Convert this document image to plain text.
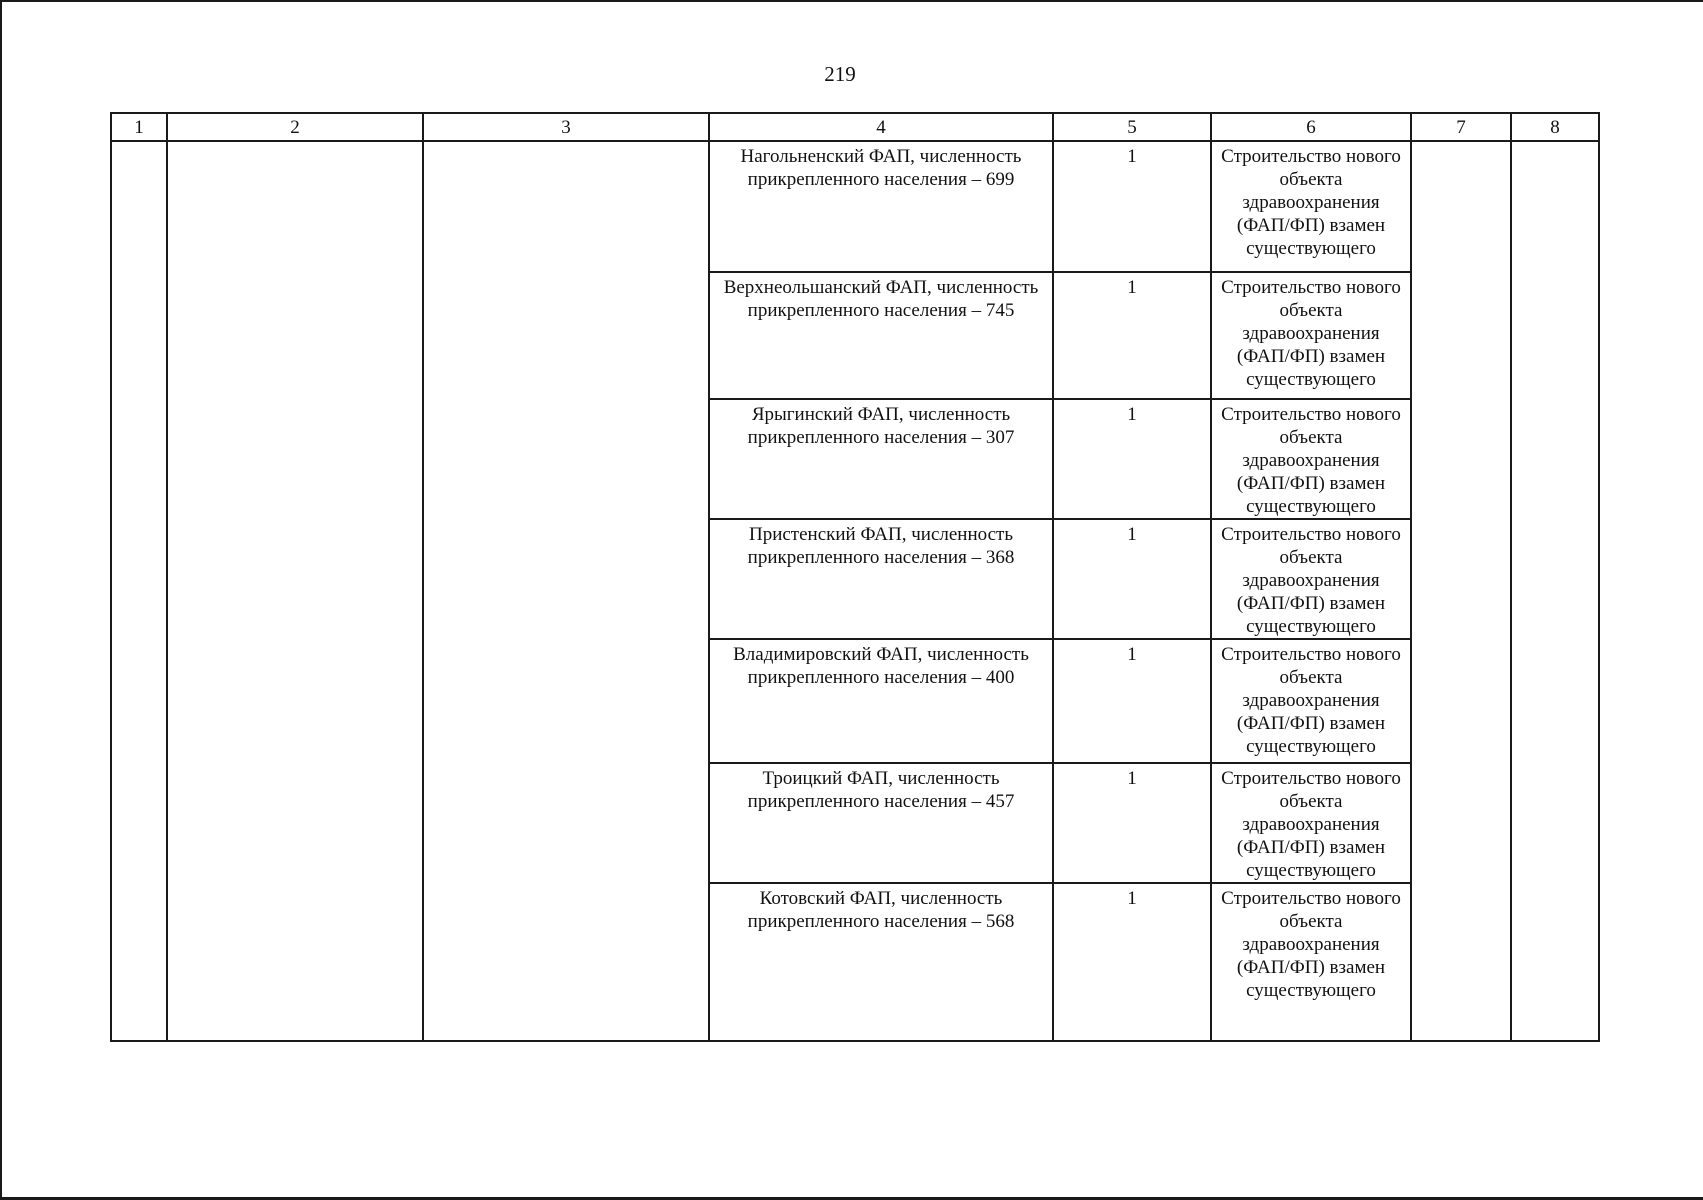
219
1	2	3	4	5	6	7	8
			Нагольненский ФАП, численность прикрепленного населения – 699	1	Строительство нового объекта здравоохранения (ФАП/ФП) взамен существующего		
			Верхнеольшанский ФАП, численность прикрепленного населения – 745	1	Строительство нового объекта здравоохранения (ФАП/ФП) взамен существующего		
			Ярыгинский ФАП, численность прикрепленного населения – 307	1	Строительство нового объекта здравоохранения (ФАП/ФП) взамен существующего		
			Пристенский ФАП, численность прикрепленного населения – 368	1	Строительство нового объекта здравоохранения (ФАП/ФП) взамен существующего		
			Владимировский ФАП, численность прикрепленного населения – 400	1	Строительство нового объекта здравоохранения (ФАП/ФП) взамен существующего		
			Троицкий ФАП, численность прикрепленного населения – 457	1	Строительство нового объекта здравоохранения (ФАП/ФП) взамен существующего		
			Котовский ФАП, численность прикрепленного населения – 568	1	Строительство нового объекта здравоохранения (ФАП/ФП) взамен существующего		
